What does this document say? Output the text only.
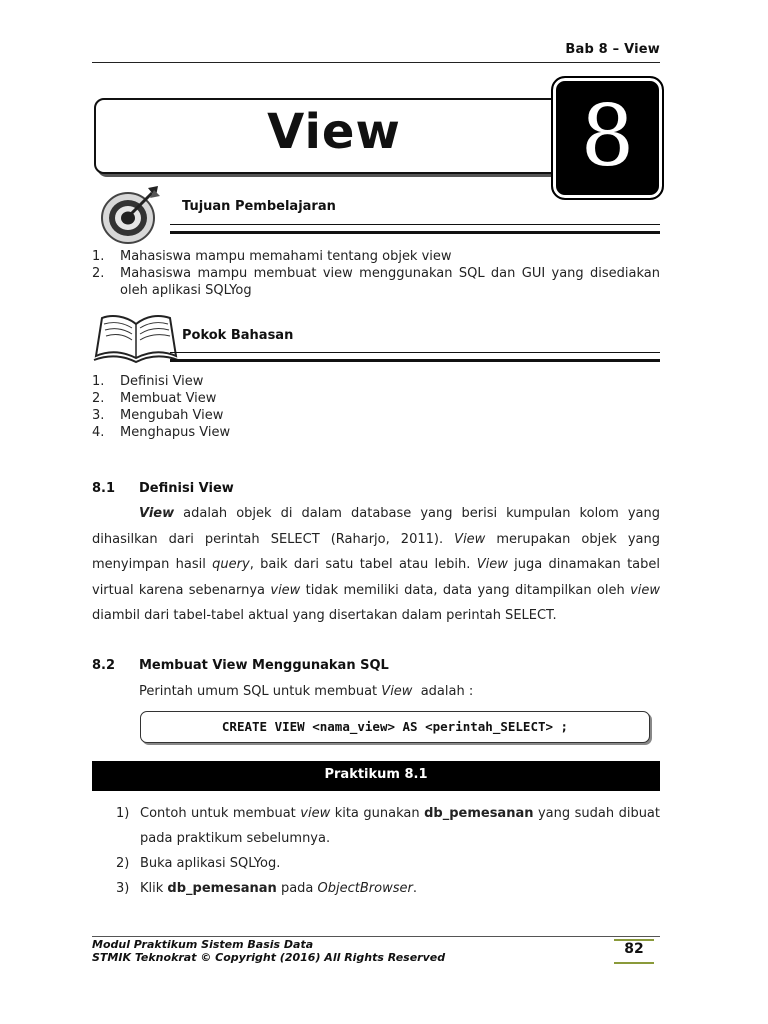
Bab 8 – View
View	8
Tujuan Pembelajaran
1.	Mahasiswa mampu memahami tentang objek view
2.	Mahasiswa mampu membuat view menggunakan SQL dan GUI yang disediakan oleh aplikasi SQLYog
Pokok Bahasan
1.	Definisi View
2.	Membuat View
3.	Mengubah View
4.	Menghapus View
8.1 Definisi View
View adalah objek di dalam database yang berisi kumpulan kolom yang dihasilkan dari perintah SELECT (Raharjo, 2011). View merupakan objek yang menyimpan hasil query, baik dari satu tabel atau lebih. View juga dinamakan tabel virtual karena sebenarnya view tidak memiliki data, data yang ditampilkan oleh view diambil dari tabel-tabel aktual yang disertakan dalam perintah SELECT.
8.2 Membuat View Menggunakan SQL
Perintah umum SQL untuk membuat View  adalah :
CREATE VIEW <nama_view> AS <perintah_SELECT> ;
Praktikum 8.1
1) Contoh untuk membuat view kita gunakan db_pemesanan yang sudah dibuat pada praktikum sebelumnya.
2) Buka aplikasi SQLYog.
3) Klik db_pemesanan pada ObjectBrowser.
Modul Praktikum Sistem Basis Data
STMIK Teknokrat © Copyright (2016) All Rights Reserved
82
